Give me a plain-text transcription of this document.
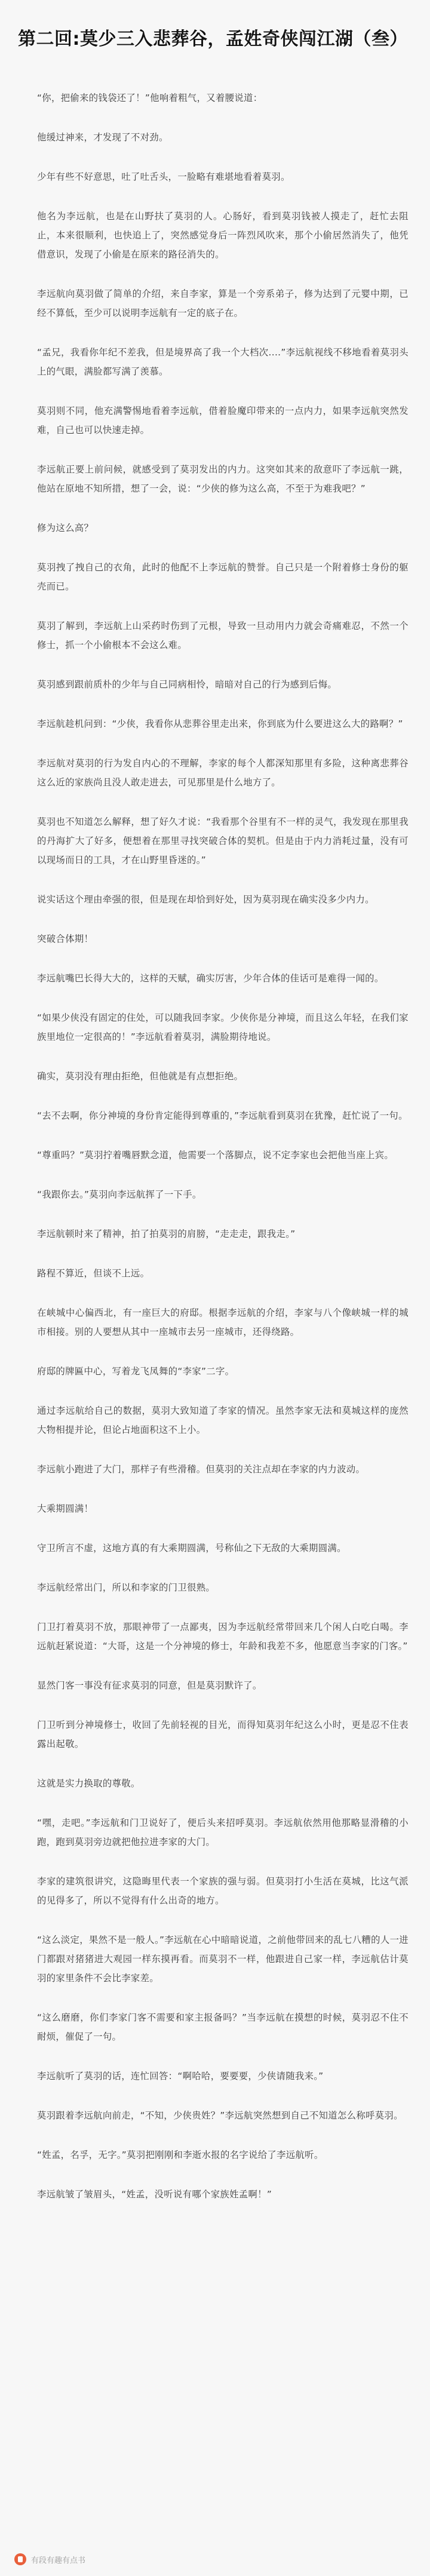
第二回:莫少三入悲葬谷，孟姓奇侠闯江湖（叁）

“你，把偷来的钱袋还了！”他响着粗气，又着腰说道：

他缓过神来，才发现了不对劲。

少年有些不好意思，吐了吐舌头，一脸略有难堪地看着莫羽。

他名为李远航，也是在山野扶了莫羽的人。心肠好，看到莫羽钱被人摸走了，赶忙去阻止，本来很顺利，也快追上了，突然感觉身后一阵烈风吹来，那个小偷居然消失了，他凭借意识，发现了小偷是在原来的路径消失的。

李远航向莫羽做了简单的介绍，来自李家，算是一个旁系弟子，修为达到了元婴中期，已经不算低，至少可以说明李远航有一定的底子在。

“孟兄，我看你年纪不差我，但是境界高了我一个大档次....”李远航视线不移地看着莫羽头上的气眼，满脸都写满了羡慕。

莫羽则不同，他充满警惕地看着李远航，借着脸魔印带来的一点内力，如果李远航突然发难，自己也可以快速走掉。

李远航正要上前问候，就感受到了莫羽发出的内力。这突如其来的敌意吓了李远航一跳，他站在原地不知所措，想了一会，说：“少侠的修为这么高，不至于为难我吧？”

修为这么高？

莫羽拽了拽自己的衣角，此时的他配不上李远航的赞誉。自己只是一个附着修士身份的躯壳而已。

莫羽了解到，李远航上山采药时伤到了元根，导致一旦动用内力就会奇痛难忍，不然一个修士，抓一个小偷根本不会这么难。

莫羽感到跟前质朴的少年与自己同病相怜，暗暗对自己的行为感到后悔。

李远航趁机问到：“少侠，我看你从悲葬谷里走出来，你到底为什么要进这么大的路啊？”

李远航对莫羽的行为发自内心的不理解，李家的每个人都深知那里有多险，这种离悲葬谷这么近的家族尚且没人敢走进去，可见那里是什么地方了。

莫羽也不知道怎么解释，想了好久才说：“我看那个谷里有不一样的灵气，我发现在那里我的丹海扩大了好多，便想着在那里寻找突破合体的契机。但是由于内力消耗过量，没有可以现场而日的工具，才在山野里昏迷的。”

说实话这个理由牵强的很，但是现在却恰到好处，因为莫羽现在确实没多少内力。

突破合体期！

李远航嘴巴长得大大的，这样的天赋，确实厉害，少年合体的佳话可是难得一闻的。

“如果少侠没有固定的住处，可以随我回李家。少侠你是分神境，而且这么年轻，在我们家族里地位一定很高的！”李远航看着莫羽，满脸期待地说。

确实，莫羽没有理由拒绝，但他就是有点想拒绝。

“去不去啊，你分神境的身份肯定能得到尊重的，”李远航看到莫羽在犹豫，赶忙说了一句。

“尊重吗？”莫羽拧着嘴唇默念道，他需要一个落脚点，说不定李家也会把他当座上宾。

“我跟你去。”莫羽向李远航挥了一下手。

李远航顿时来了精神，拍了拍莫羽的肩膀，“走走走，跟我走。”

路程不算近，但谈不上远。

在峡城中心偏西北，有一座巨大的府邸。根据李远航的介绍，李家与八个像峡城一样的城市相接。别的人要想从其中一座城市去另一座城市，还得绕路。

府邸的牌匾中心，写着龙飞凤舞的“李家”二字。

通过李远航给自己的数据，莫羽大致知道了李家的情况。虽然李家无法和莫城这样的庞然大物相提并论，但论占地面积这不上小。

李远航小跑进了大门，那样子有些滑稽。但莫羽的关注点却在李家的内力波动。

大乘期圆满！

守卫所言不虚，这地方真的有大乘期圆满，号称仙之下无敌的大乘期圆满。

李远航经常出门，所以和李家的门卫很熟。

门卫打着莫羽不放，那眼神带了一点鄙夷，因为李远航经常带回来几个闲人白吃白喝。李远航赶紧说道：“大哥，这是一个分神境的修士，年龄和我差不多，他愿意当李家的门客。”

显然门客一事没有征求莫羽的同意，但是莫羽默许了。

门卫听到分神境修士，收回了先前轻视的目光，而得知莫羽年纪这么小时，更是忍不住表露出起敬。

这就是实力换取的尊敬。

“嘿，走吧。”李远航和门卫说好了，便后头来招呼莫羽。李远航依然用他那略显滑稽的小跑，跑到莫羽旁边就把他拉进李家的大门。

李家的建筑很讲究，这隐晦里代表一个家族的强与弱。但莫羽打小生活在莫城，比这气派的见得多了，所以不觉得有什么出奇的地方。

“这么淡定，果然不是一般人。”李远航在心中暗暗说道，之前他带回来的乱七八糟的人一进门都跟对猪猪进大观园一样东摸再看。而莫羽不一样，他跟进自己家一样，李远航估计莫羽的家里条件不会比李家差。

“这么磨磨，你们李家门客不需要和家主报备吗？”当李远航在摸想的时候，莫羽忍不住不耐烦，催促了一句。

李远航听了莫羽的话，连忙回答：“啊哈哈，要要要，少侠请随我来。”

莫羽跟着李远航向前走，“不知，少侠贵姓？”李远航突然想到自己不知道怎么称呼莫羽。

“姓孟，名孚，无字。”莫羽把刚刚和李逝水报的名字说给了李远航听。

李远航皱了皱眉头，“姓孟，没听说有哪个家族姓孟啊！”

有段有趣有点书
